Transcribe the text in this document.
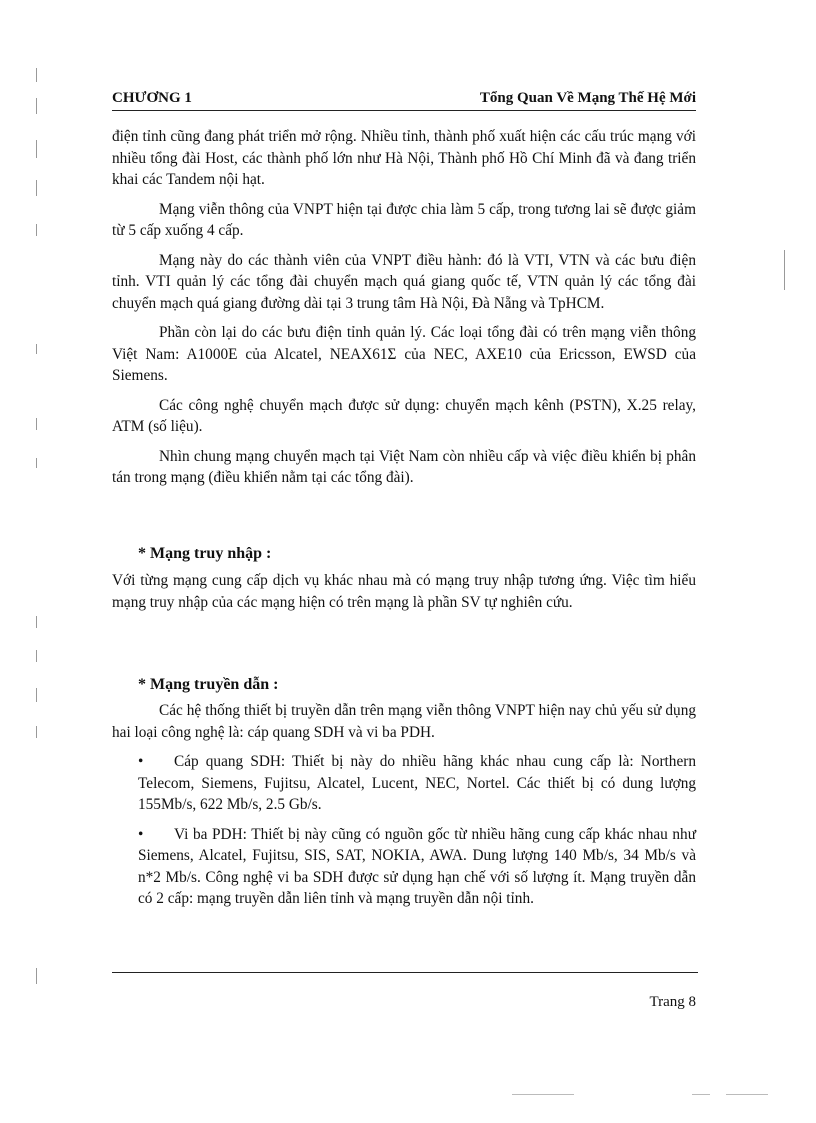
CHƯƠNG 1	Tổng Quan Về Mạng Thế Hệ Mới

điện tỉnh cũng đang phát triển mở rộng. Nhiều tỉnh, thành phố xuất hiện các cấu trúc mạng với nhiều tổng đài Host, các thành phố lớn như Hà Nội, Thành phố Hồ Chí Minh đã và đang triển khai các Tandem nội hạt.

Mạng viễn thông của VNPT hiện tại được chia làm 5 cấp, trong tương lai sẽ được giảm từ 5 cấp xuống 4 cấp.

Mạng này do các thành viên của VNPT điều hành: đó là VTI, VTN và các bưu điện tỉnh. VTI quản lý các tổng đài chuyển mạch quá giang quốc tế, VTN quản lý các tổng đài chuyển mạch quá giang đường dài tại 3 trung tâm Hà Nội, Đà Nẵng và TpHCM.

Phần còn lại do các bưu điện tỉnh quản lý. Các loại tổng đài có trên mạng viễn thông Việt Nam: A1000E của Alcatel, NEAX61Σ của NEC, AXE10 của Ericsson, EWSD của Siemens.

Các công nghệ chuyển mạch được sử dụng: chuyển mạch kênh (PSTN), X.25 relay, ATM (số liệu).

Nhìn chung mạng chuyển mạch tại Việt Nam còn nhiều cấp và việc điều khiển bị phân tán trong mạng (điều khiển nằm tại các tổng đài).

* Mạng truy nhập :

Với từng mạng cung cấp dịch vụ khác nhau mà có mạng truy nhập tương ứng. Việc tìm hiểu mạng truy nhập của các mạng hiện có trên mạng là phần SV tự nghiên cứu.

* Mạng truyền dẫn :

Các hệ thống thiết bị truyền dẫn trên mạng viễn thông VNPT hiện nay chủ yếu sử dụng hai loại công nghệ là: cáp quang SDH và vi ba PDH.

• Cáp quang SDH: Thiết bị này do nhiều hãng khác nhau cung cấp là: Northern Telecom, Siemens, Fujitsu, Alcatel, Lucent, NEC, Nortel. Các thiết bị có dung lượng 155Mb/s, 622 Mb/s, 2.5 Gb/s.
• Vi ba PDH: Thiết bị này cũng có nguồn gốc từ nhiều hãng cung cấp khác nhau như Siemens, Alcatel, Fujitsu, SIS, SAT, NOKIA, AWA. Dung lượng 140 Mb/s, 34 Mb/s và n*2 Mb/s. Công nghệ vi ba SDH được sử dụng hạn chế với số lượng ít. Mạng truyền dẫn có 2 cấp: mạng truyền dẫn liên tỉnh và mạng truyền dẫn nội tỉnh.
Trang 8
